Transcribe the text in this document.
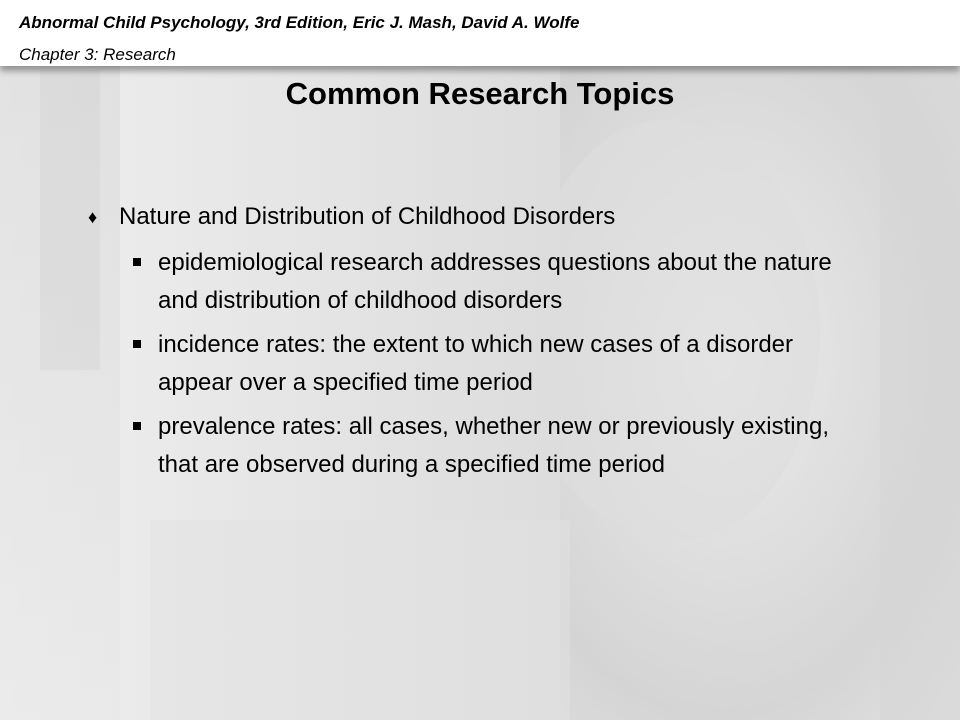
Abnormal Child Psychology, 3rd Edition, Eric J. Mash, David A. Wolfe
Chapter 3: Research
Common Research Topics
♦ Nature and Distribution of Childhood Disorders
epidemiological research addresses questions about the nature and distribution of childhood disorders
incidence rates: the extent to which new cases of a disorder appear over a specified time period
prevalence rates: all cases, whether new or previously existing, that are observed during a specified time period
